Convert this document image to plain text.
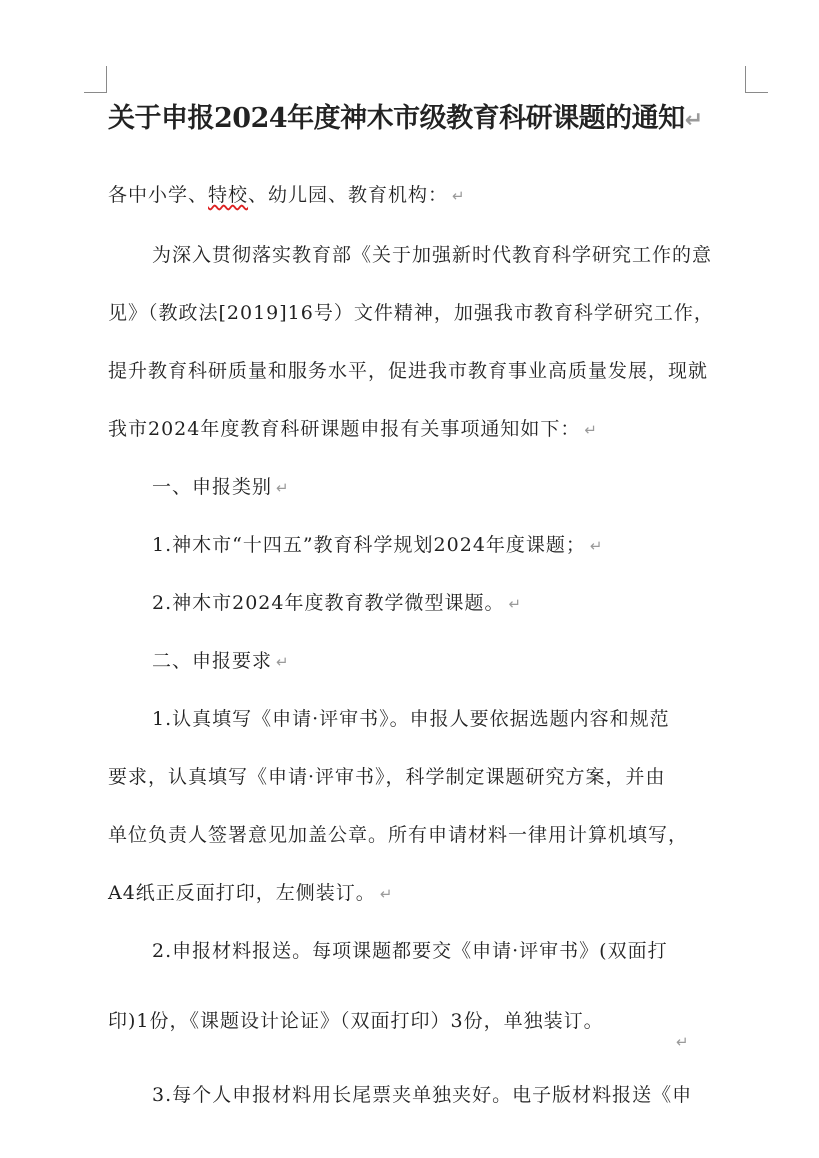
关于申报2024年度神木市级教育科研课题的通知↵
各中小学、特校、幼儿园、教育机构： ↵
为深入贯彻落实教育部《关于加强新时代教育科学研究工作的意
见》（教政法[2019]16号）文件精神，加强我市教育科学研究工作，
提升教育科研质量和服务水平，促进我市教育事业高质量发展，现就
我市2024年度教育科研课题申报有关事项通知如下： ↵
一、申报类别 ↵
1.神木市“十四五”教育科学规划2024年度课题； ↵
2.神木市2024年度教育教学微型课题。 ↵
二、申报要求 ↵
1.认真填写《申请·评审书》。申报人要依据选题内容和规范
要求，认真填写《申请·评审书》，科学制定课题研究方案，并由
单位负责人签署意见加盖公章。所有申请材料一律用计算机填写，
A4纸正反面打印，左侧装订。 ↵
2.申报材料报送。每项课题都要交《申请·评审书》(双面打
印)1份，《课题设计论证》（双面打印）3份，单独装订。
↵
3.每个人申报材料用长尾票夹单独夹好。电子版材料报送《申
